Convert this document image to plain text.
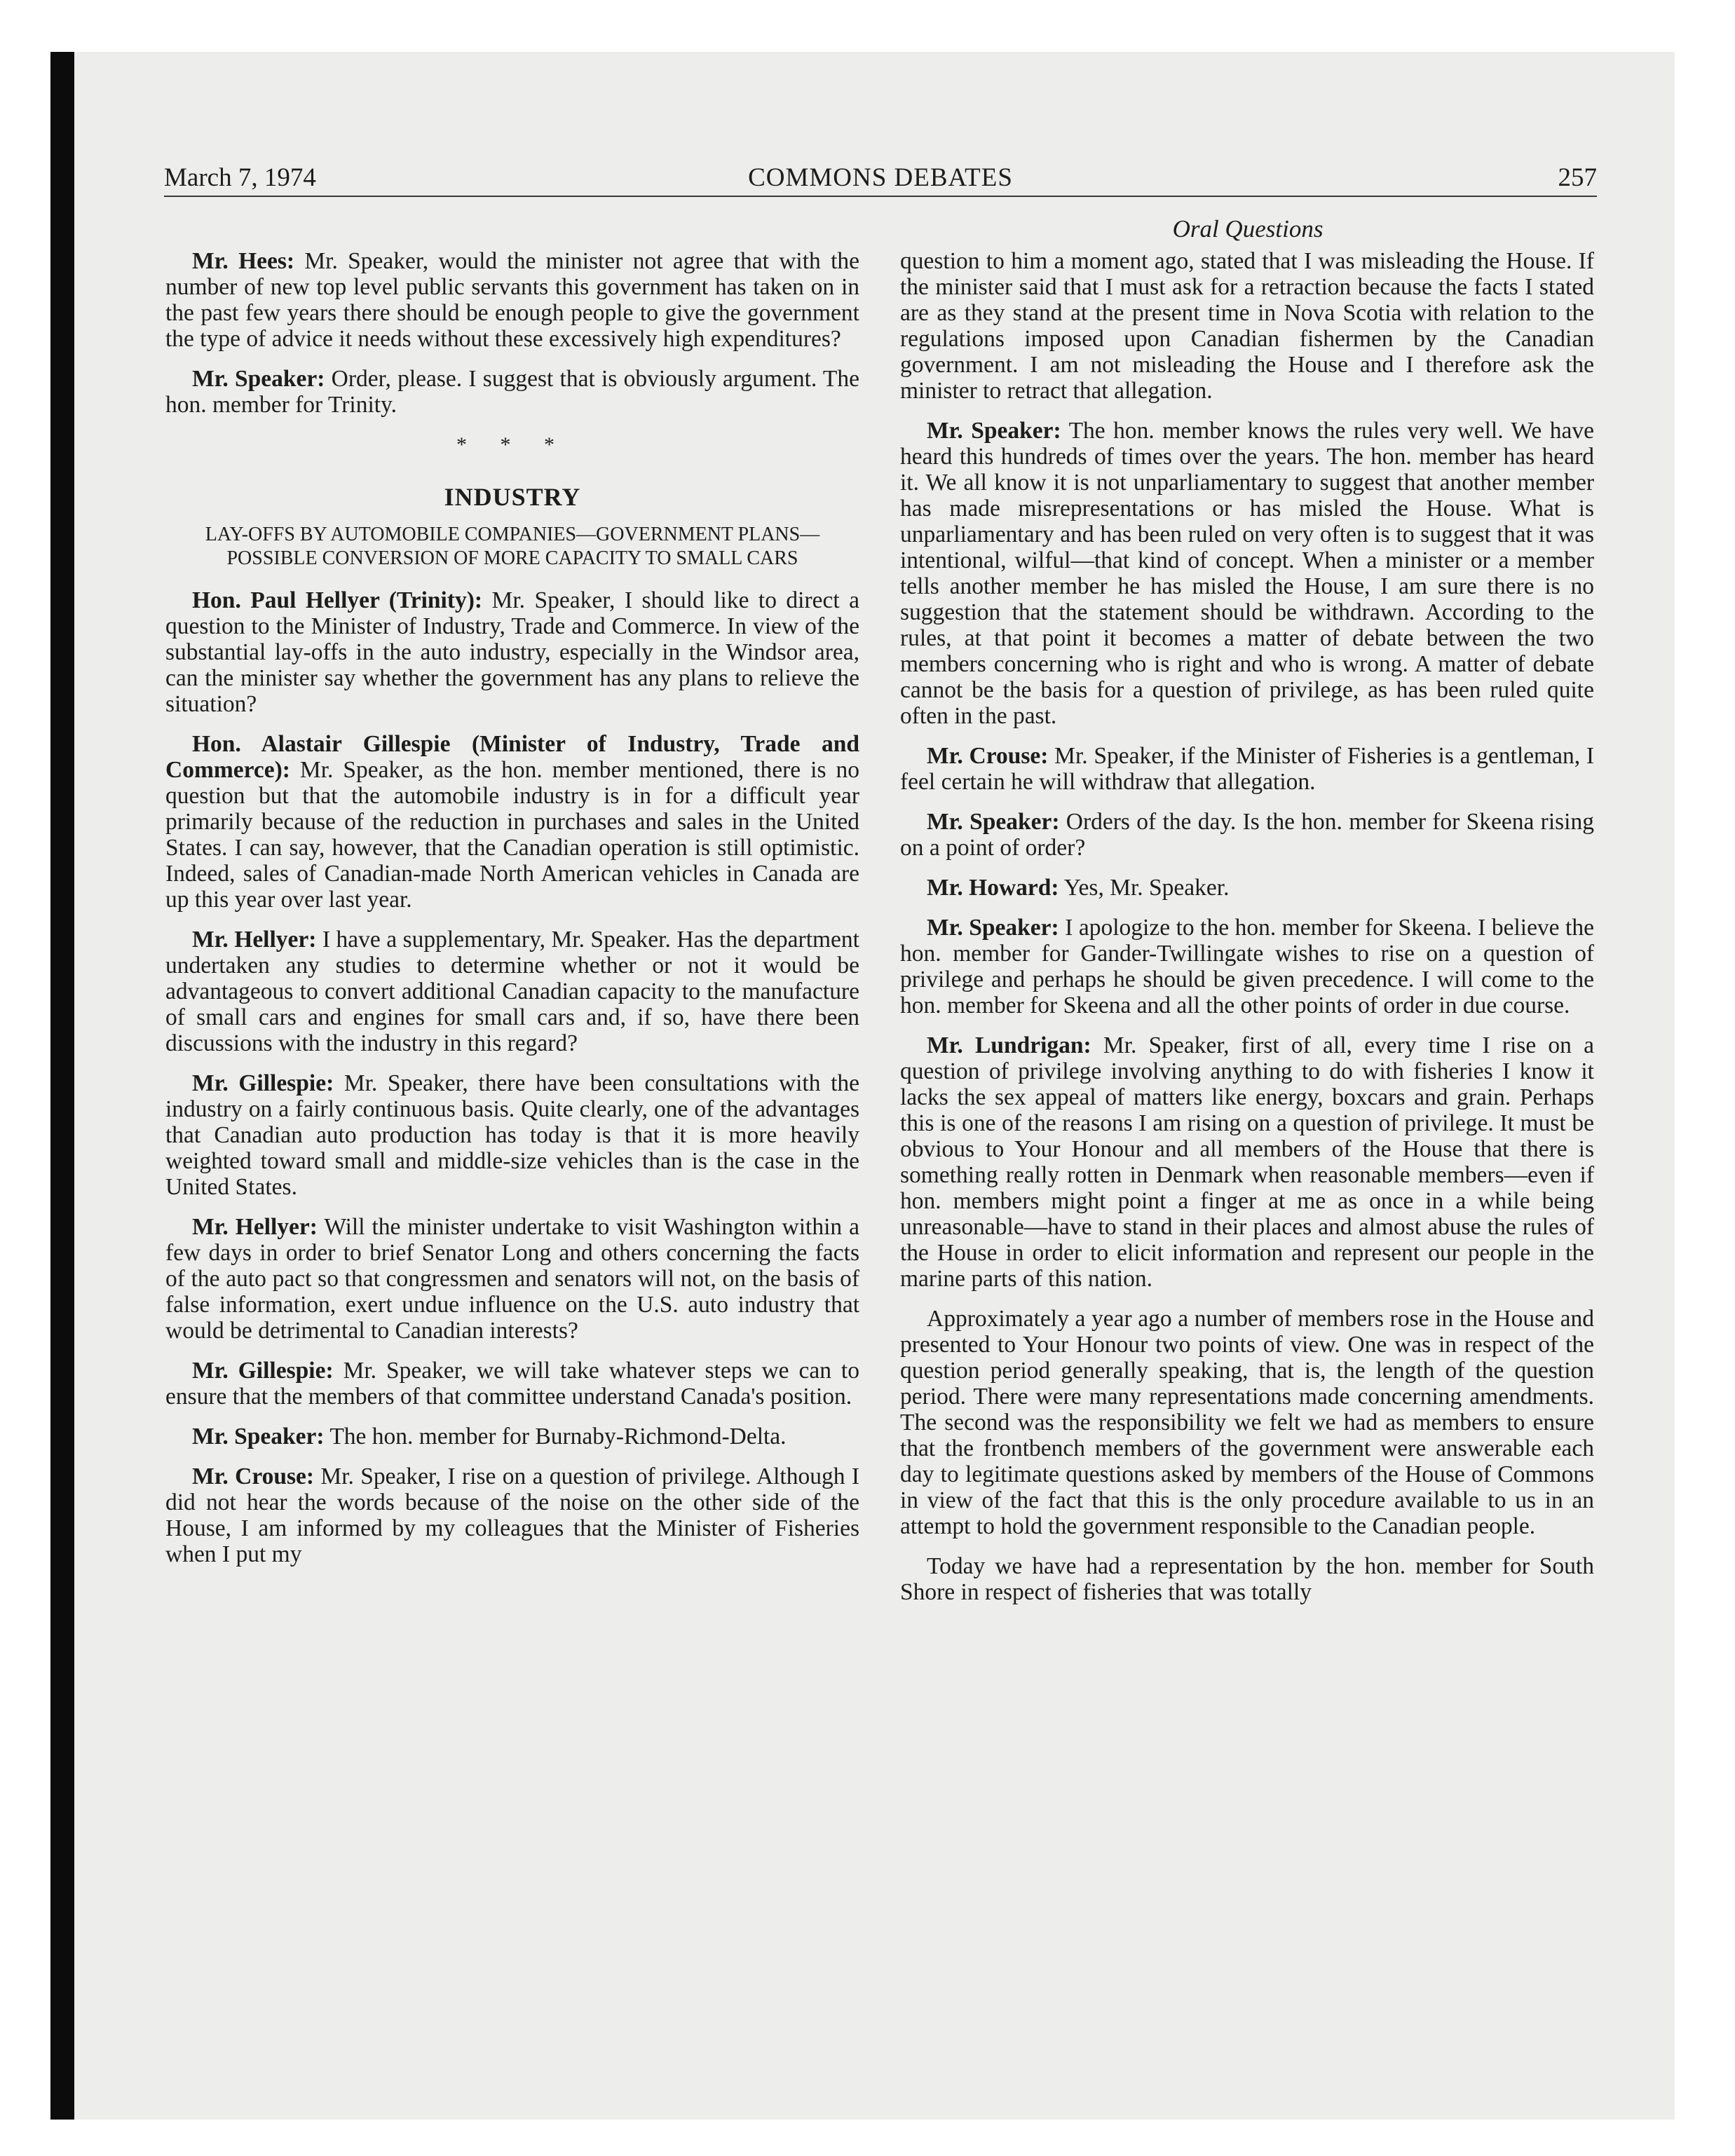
March 7, 1974	COMMONS DEBATES	257
Oral Questions

Mr. Hees: Mr. Speaker, would the minister not agree that with the number of new top level public servants this government has taken on in the past few years there should be enough people to give the government the type of advice it needs without these excessively high expenditures?

Mr. Speaker: Order, please. I suggest that is obviously argument. The hon. member for Trinity.

* * *
INDUSTRY
LAY-OFFS BY AUTOMOBILE COMPANIES—GOVERNMENT PLANS—POSSIBLE CONVERSION OF MORE CAPACITY TO SMALL CARS

Hon. Paul Hellyer (Trinity): Mr. Speaker, I should like to direct a question to the Minister of Industry, Trade and Commerce. In view of the substantial lay-offs in the auto industry, especially in the Windsor area, can the minister say whether the government has any plans to relieve the situation?

Hon. Alastair Gillespie (Minister of Industry, Trade and Commerce): Mr. Speaker, as the hon. member mentioned, there is no question but that the automobile industry is in for a difficult year primarily because of the reduction in purchases and sales in the United States. I can say, however, that the Canadian operation is still optimistic. Indeed, sales of Canadian-made North American vehicles in Canada are up this year over last year.

Mr. Hellyer: I have a supplementary, Mr. Speaker. Has the department undertaken any studies to determine whether or not it would be advantageous to convert additional Canadian capacity to the manufacture of small cars and engines for small cars and, if so, have there been discussions with the industry in this regard?

Mr. Gillespie: Mr. Speaker, there have been consultations with the industry on a fairly continuous basis. Quite clearly, one of the advantages that Canadian auto production has today is that it is more heavily weighted toward small and middle-size vehicles than is the case in the United States.

Mr. Hellyer: Will the minister undertake to visit Washington within a few days in order to brief Senator Long and others concerning the facts of the auto pact so that congressmen and senators will not, on the basis of false information, exert undue influence on the U.S. auto industry that would be detrimental to Canadian interests?

Mr. Gillespie: Mr. Speaker, we will take whatever steps we can to ensure that the members of that committee understand Canada's position.

Mr. Speaker: The hon. member for Burnaby-Richmond-Delta.

Mr. Crouse: Mr. Speaker, I rise on a question of privilege. Although I did not hear the words because of the noise on the other side of the House, I am informed by my colleagues that the Minister of Fisheries when I put my

question to him a moment ago, stated that I was misleading the House. If the minister said that I must ask for a retraction because the facts I stated are as they stand at the present time in Nova Scotia with relation to the regulations imposed upon Canadian fishermen by the Canadian government. I am not misleading the House and I therefore ask the minister to retract that allegation.

Mr. Speaker: The hon. member knows the rules very well. We have heard this hundreds of times over the years. The hon. member has heard it. We all know it is not unparliamentary to suggest that another member has made misrepresentations or has misled the House. What is unparliamentary and has been ruled on very often is to suggest that it was intentional, wilful—that kind of concept. When a minister or a member tells another member he has misled the House, I am sure there is no suggestion that the statement should be withdrawn. According to the rules, at that point it becomes a matter of debate between the two members concerning who is right and who is wrong. A matter of debate cannot be the basis for a question of privilege, as has been ruled quite often in the past.

Mr. Crouse: Mr. Speaker, if the Minister of Fisheries is a gentleman, I feel certain he will withdraw that allegation.

Mr. Speaker: Orders of the day. Is the hon. member for Skeena rising on a point of order?

Mr. Howard: Yes, Mr. Speaker.

Mr. Speaker: I apologize to the hon. member for Skeena. I believe the hon. member for Gander-Twillingate wishes to rise on a question of privilege and perhaps he should be given precedence. I will come to the hon. member for Skeena and all the other points of order in due course.

Mr. Lundrigan: Mr. Speaker, first of all, every time I rise on a question of privilege involving anything to do with fisheries I know it lacks the sex appeal of matters like energy, boxcars and grain. Perhaps this is one of the reasons I am rising on a question of privilege. It must be obvious to Your Honour and all members of the House that there is something really rotten in Denmark when reasonable members—even if hon. members might point a finger at me as once in a while being unreasonable—have to stand in their places and almost abuse the rules of the House in order to elicit information and represent our people in the marine parts of this nation.

Approximately a year ago a number of members rose in the House and presented to Your Honour two points of view. One was in respect of the question period generally speaking, that is, the length of the question period. There were many representations made concerning amendments. The second was the responsibility we felt we had as members to ensure that the frontbench members of the government were answerable each day to legitimate questions asked by members of the House of Commons in view of the fact that this is the only procedure available to us in an attempt to hold the government responsible to the Canadian people.

Today we have had a representation by the hon. member for South Shore in respect of fisheries that was totally
